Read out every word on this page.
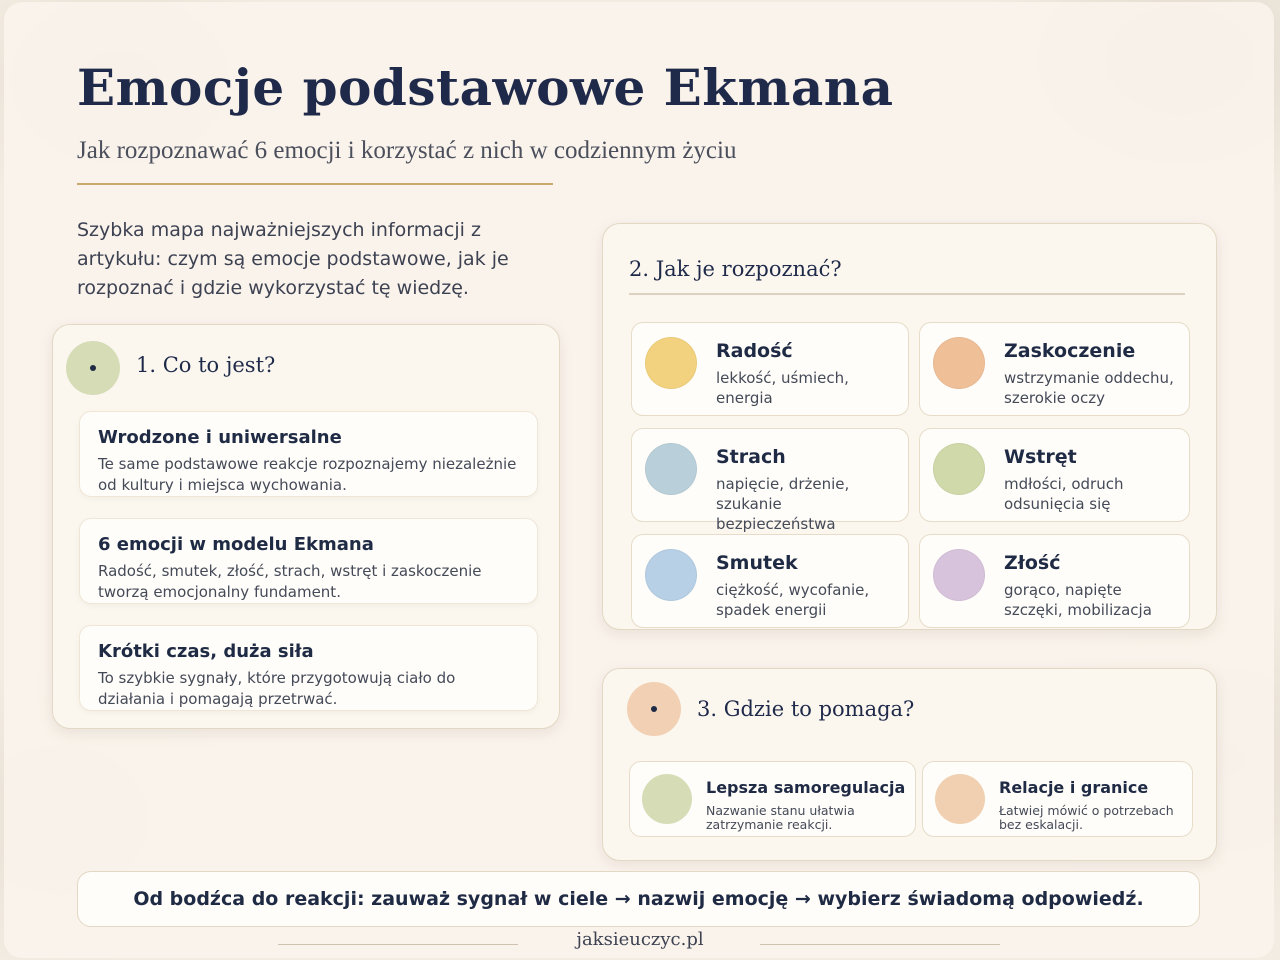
Emocje podstawowe Ekmana
Jak rozpoznawać 6 emocji i korzystać z nich w codziennym życiu

Szybka mapa najważniejszych informacji z artykułu: czym są emocje podstawowe, jak je rozpoznać i gdzie wykorzystać tę wiedzę.

1. Co to jest?
Wrodzone i uniwersalne
Te same podstawowe reakcje rozpoznajemy niezależnie od kultury i miejsca wychowania.
6 emocji w modelu Ekmana
Radość, smutek, złość, strach, wstręt i zaskoczenie tworzą emocjonalny fundament.
Krótki czas, duża siła
To szybkie sygnały, które przygotowują ciało do działania i pomagają przetrwać.
2. Jak je rozpoznać?
Radość
lekkość, uśmiech, energia
Zaskoczenie
wstrzymanie oddechu, szerokie oczy
Strach
napięcie, drżenie, szukanie bezpieczeństwa
Wstręt
mdłości, odruch odsunięcia się
Smutek
ciężkość, wycofanie, spadek energii
Złość
gorąco, napięte szczęki, mobilizacja
3. Gdzie to pomaga?
Lepsza samoregulacja
Nazwanie stanu ułatwia zatrzymanie reakcji.
Relacje i granice
Łatwiej mówić o potrzebach bez eskalacji.
Od bodźca do reakcji: zauważ sygnał w ciele → nazwij emocję → wybierz świadomą odpowiedź.
jaksieuczyc.pl
